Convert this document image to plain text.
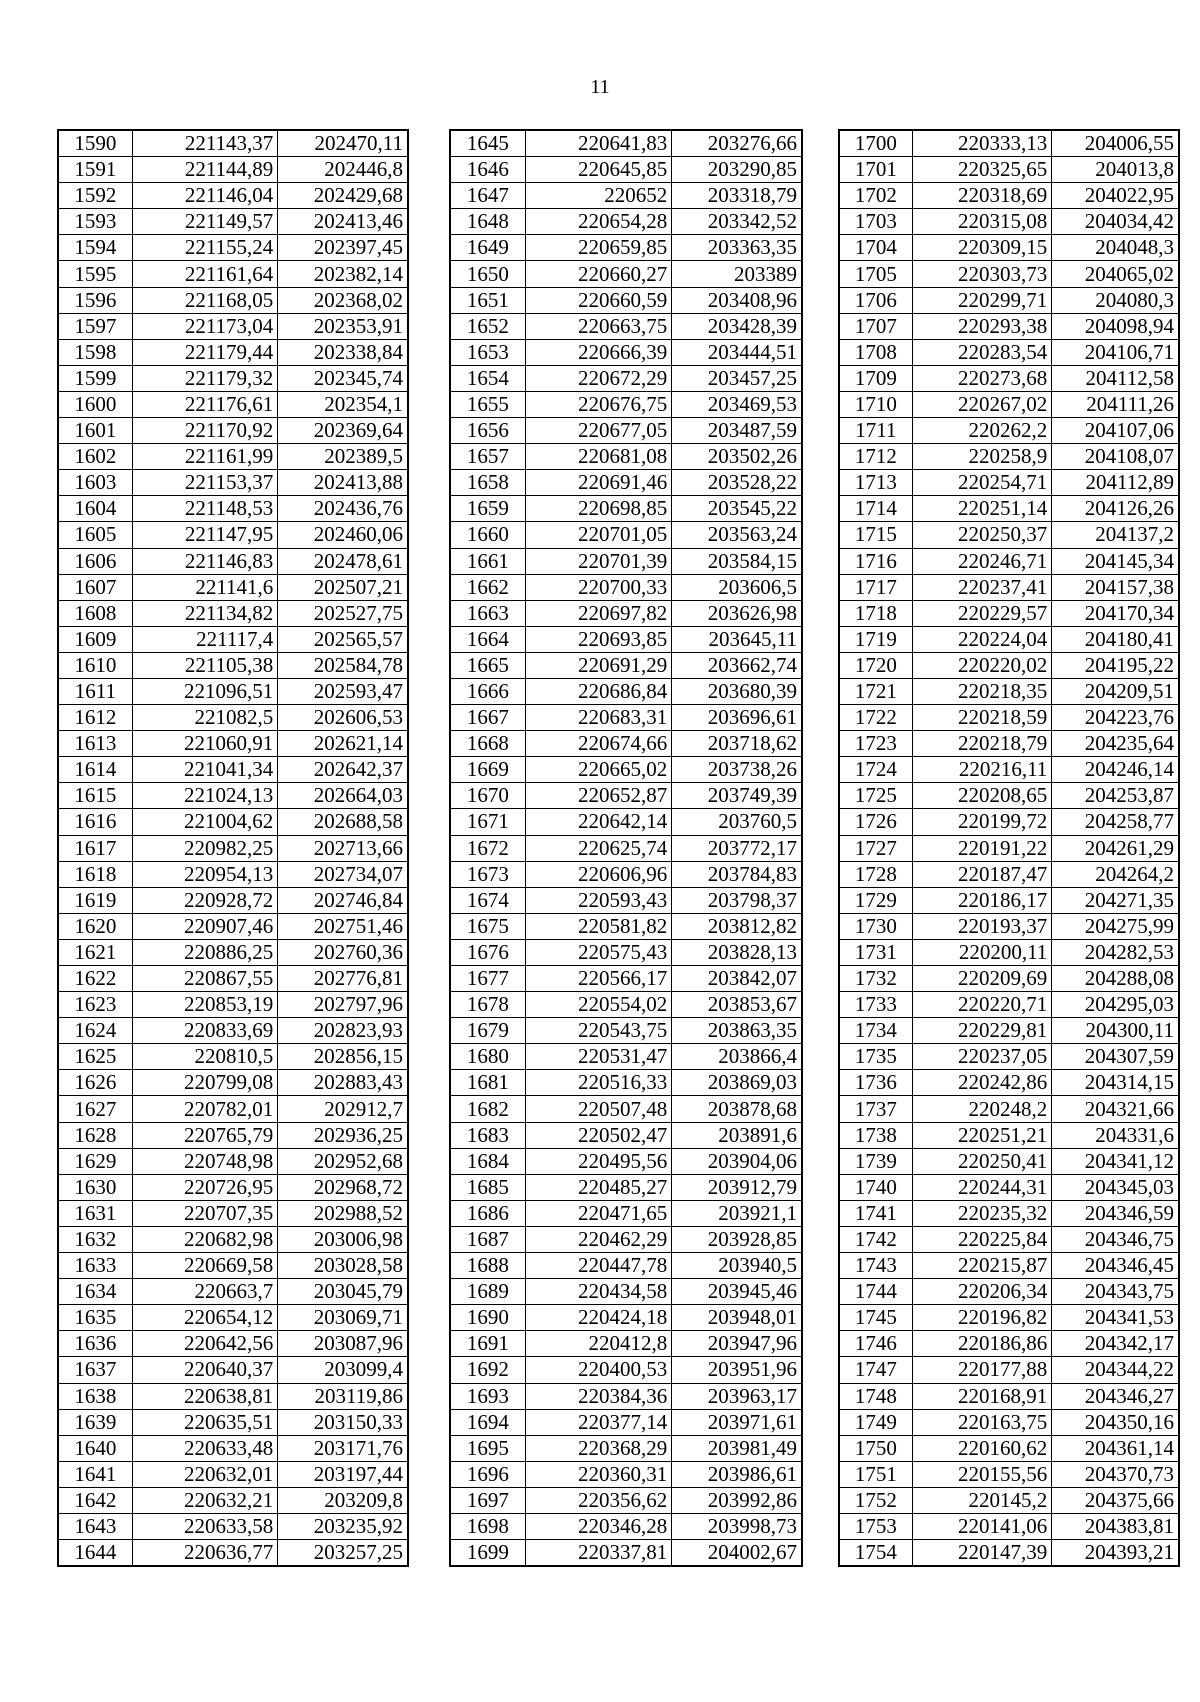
11
1590	221143,37	202470,11
1591	221144,89	202446,8
1592	221146,04	202429,68
1593	221149,57	202413,46
1594	221155,24	202397,45
1595	221161,64	202382,14
1596	221168,05	202368,02
1597	221173,04	202353,91
1598	221179,44	202338,84
1599	221179,32	202345,74
1600	221176,61	202354,1
1601	221170,92	202369,64
1602	221161,99	202389,5
1603	221153,37	202413,88
1604	221148,53	202436,76
1605	221147,95	202460,06
1606	221146,83	202478,61
1607	221141,6	202507,21
1608	221134,82	202527,75
1609	221117,4	202565,57
1610	221105,38	202584,78
1611	221096,51	202593,47
1612	221082,5	202606,53
1613	221060,91	202621,14
1614	221041,34	202642,37
1615	221024,13	202664,03
1616	221004,62	202688,58
1617	220982,25	202713,66
1618	220954,13	202734,07
1619	220928,72	202746,84
1620	220907,46	202751,46
1621	220886,25	202760,36
1622	220867,55	202776,81
1623	220853,19	202797,96
1624	220833,69	202823,93
1625	220810,5	202856,15
1626	220799,08	202883,43
1627	220782,01	202912,7
1628	220765,79	202936,25
1629	220748,98	202952,68
1630	220726,95	202968,72
1631	220707,35	202988,52
1632	220682,98	203006,98
1633	220669,58	203028,58
1634	220663,7	203045,79
1635	220654,12	203069,71
1636	220642,56	203087,96
1637	220640,37	203099,4
1638	220638,81	203119,86
1639	220635,51	203150,33
1640	220633,48	203171,76
1641	220632,01	203197,44
1642	220632,21	203209,8
1643	220633,58	203235,92
1644	220636,77	203257,25
1645	220641,83	203276,66
1646	220645,85	203290,85
1647	220652	203318,79
1648	220654,28	203342,52
1649	220659,85	203363,35
1650	220660,27	203389
1651	220660,59	203408,96
1652	220663,75	203428,39
1653	220666,39	203444,51
1654	220672,29	203457,25
1655	220676,75	203469,53
1656	220677,05	203487,59
1657	220681,08	203502,26
1658	220691,46	203528,22
1659	220698,85	203545,22
1660	220701,05	203563,24
1661	220701,39	203584,15
1662	220700,33	203606,5
1663	220697,82	203626,98
1664	220693,85	203645,11
1665	220691,29	203662,74
1666	220686,84	203680,39
1667	220683,31	203696,61
1668	220674,66	203718,62
1669	220665,02	203738,26
1670	220652,87	203749,39
1671	220642,14	203760,5
1672	220625,74	203772,17
1673	220606,96	203784,83
1674	220593,43	203798,37
1675	220581,82	203812,82
1676	220575,43	203828,13
1677	220566,17	203842,07
1678	220554,02	203853,67
1679	220543,75	203863,35
1680	220531,47	203866,4
1681	220516,33	203869,03
1682	220507,48	203878,68
1683	220502,47	203891,6
1684	220495,56	203904,06
1685	220485,27	203912,79
1686	220471,65	203921,1
1687	220462,29	203928,85
1688	220447,78	203940,5
1689	220434,58	203945,46
1690	220424,18	203948,01
1691	220412,8	203947,96
1692	220400,53	203951,96
1693	220384,36	203963,17
1694	220377,14	203971,61
1695	220368,29	203981,49
1696	220360,31	203986,61
1697	220356,62	203992,86
1698	220346,28	203998,73
1699	220337,81	204002,67
1700	220333,13	204006,55
1701	220325,65	204013,8
1702	220318,69	204022,95
1703	220315,08	204034,42
1704	220309,15	204048,3
1705	220303,73	204065,02
1706	220299,71	204080,3
1707	220293,38	204098,94
1708	220283,54	204106,71
1709	220273,68	204112,58
1710	220267,02	204111,26
1711	220262,2	204107,06
1712	220258,9	204108,07
1713	220254,71	204112,89
1714	220251,14	204126,26
1715	220250,37	204137,2
1716	220246,71	204145,34
1717	220237,41	204157,38
1718	220229,57	204170,34
1719	220224,04	204180,41
1720	220220,02	204195,22
1721	220218,35	204209,51
1722	220218,59	204223,76
1723	220218,79	204235,64
1724	220216,11	204246,14
1725	220208,65	204253,87
1726	220199,72	204258,77
1727	220191,22	204261,29
1728	220187,47	204264,2
1729	220186,17	204271,35
1730	220193,37	204275,99
1731	220200,11	204282,53
1732	220209,69	204288,08
1733	220220,71	204295,03
1734	220229,81	204300,11
1735	220237,05	204307,59
1736	220242,86	204314,15
1737	220248,2	204321,66
1738	220251,21	204331,6
1739	220250,41	204341,12
1740	220244,31	204345,03
1741	220235,32	204346,59
1742	220225,84	204346,75
1743	220215,87	204346,45
1744	220206,34	204343,75
1745	220196,82	204341,53
1746	220186,86	204342,17
1747	220177,88	204344,22
1748	220168,91	204346,27
1749	220163,75	204350,16
1750	220160,62	204361,14
1751	220155,56	204370,73
1752	220145,2	204375,66
1753	220141,06	204383,81
1754	220147,39	204393,21
